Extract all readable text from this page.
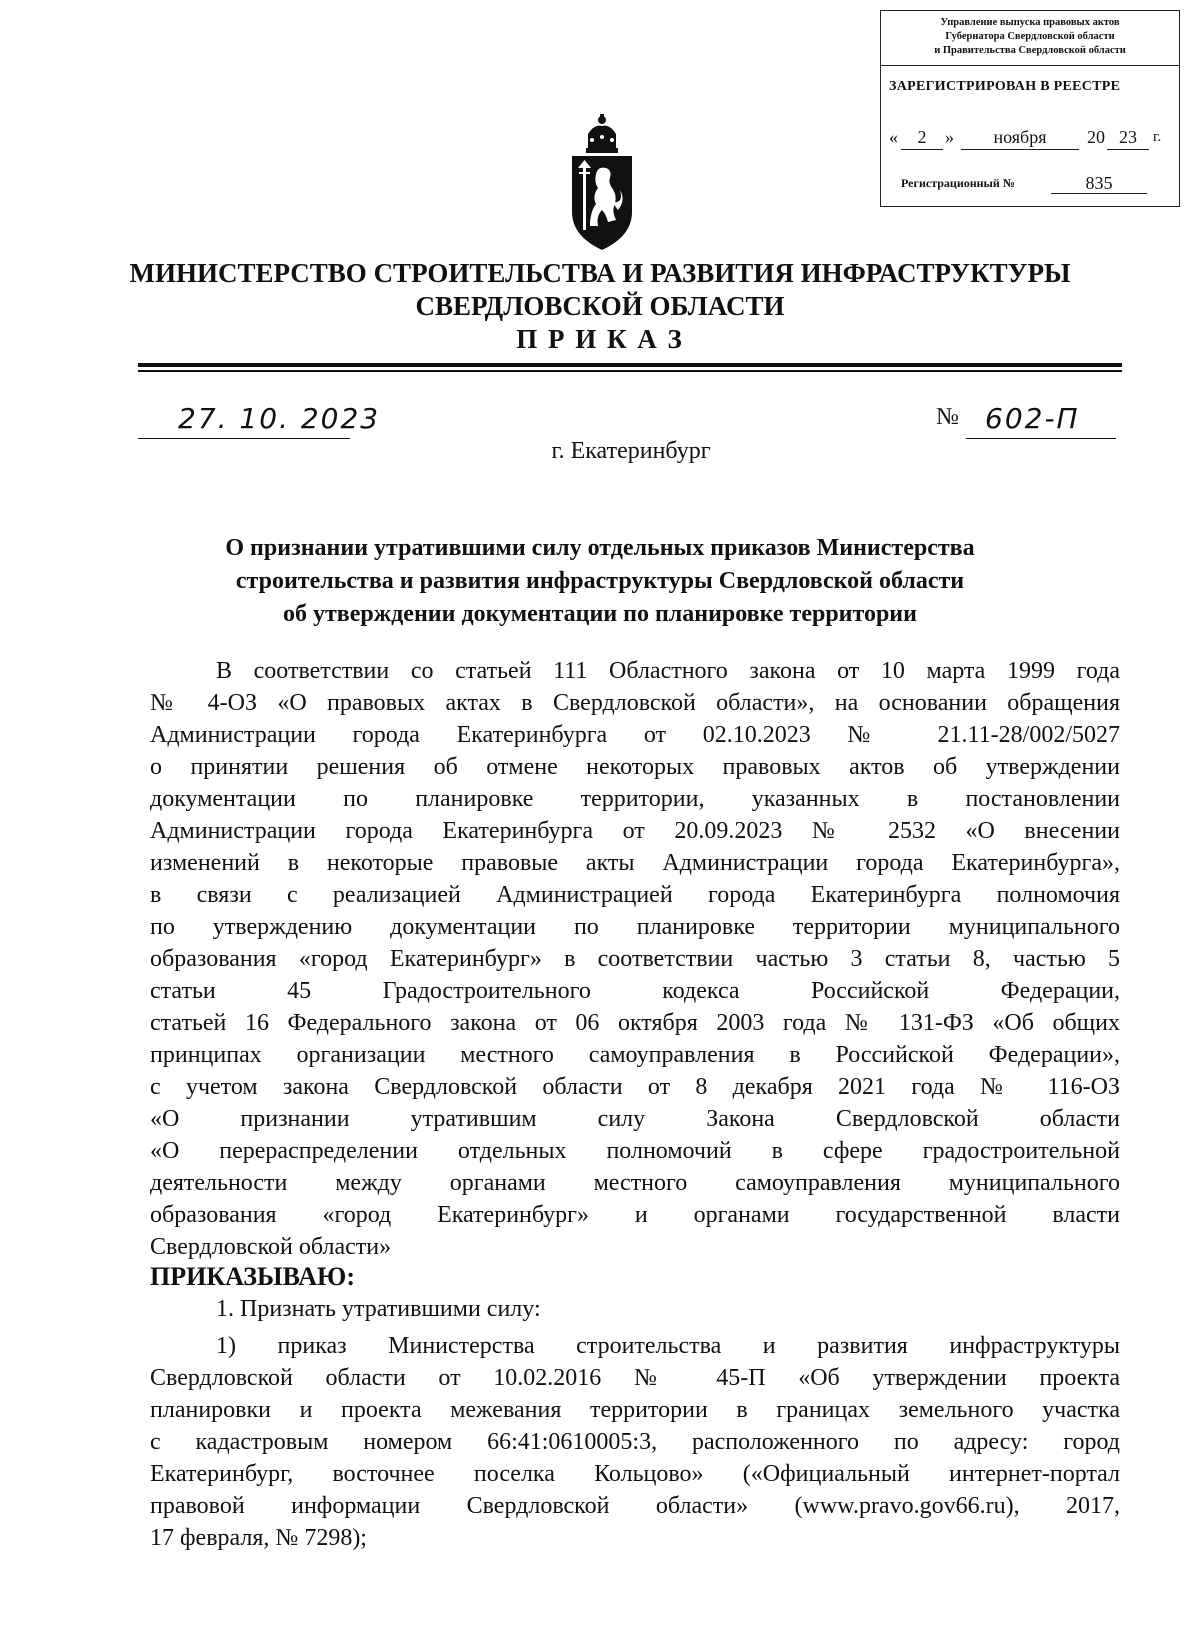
Управление выпуска правовых актов
Губернатора Свердловской области
и Правительства Свердловской области
ЗАРЕГИСТРИРОВАН В РЕЕСТРЕ
«	2	»	ноября	20 23	г.
Регистрационный №	835
МИНИСТЕРСТВО СТРОИТЕЛЬСТВА И РАЗВИТИЯ ИНФРАСТРУКТУРЫ
СВЕРДЛОВСКОЙ ОБЛАСТИ
П Р И К А З
27. 10. 2023	№ 602-П
г. Екатеринбург
О признании утратившими силу отдельных приказов Министерства
строительства и развития инфраструктуры Свердловской области
об утверждении документации по планировке территории
В соответствии со статьей 111 Областного закона от 10 марта 1999 года
№ 4-ОЗ «О правовых актах в Свердловской области», на основании обращения
Администрации города Екатеринбурга от 02.10.2023 № 21.11-28/002/5027
о принятии решения об отмене некоторых правовых актов об утверждении
документации по планировке территории, указанных в постановлении
Администрации города Екатеринбурга от 20.09.2023 № 2532 «О внесении
изменений в некоторые правовые акты Администрации города Екатеринбурга»,
в связи с реализацией Администрацией города Екатеринбурга полномочия
по утверждению документации по планировке территории муниципального
образования «город Екатеринбург» в соответствии частью 3 статьи 8, частью 5
статьи 45 Градостроительного кодекса Российской Федерации,
статьей 16 Федерального закона от 06 октября 2003 года № 131-ФЗ «Об общих
принципах организации местного самоуправления в Российской Федерации»,
с учетом закона Свердловской области от 8 декабря 2021 года № 116-ОЗ
«О признании утратившим силу Закона Свердловской области
«О перераспределении отдельных полномочий в сфере градостроительной
деятельности между органами местного самоуправления муниципального
образования «город Екатеринбург» и органами государственной власти
Свердловской области»
ПРИКАЗЫВАЮ:
1. Признать утратившими силу:
1) приказ Министерства строительства и развития инфраструктуры
Свердловской области от 10.02.2016 № 45-П «Об утверждении проекта
планировки и проекта межевания территории в границах земельного участка
с кадастровым номером 66:41:0610005:3, расположенного по адресу: город
Екатеринбург, восточнее поселка Кольцово» («Официальный интернет-портал
правовой информации Свердловской области» (www.pravo.gov66.ru), 2017,
17 февраля, № 7298);
